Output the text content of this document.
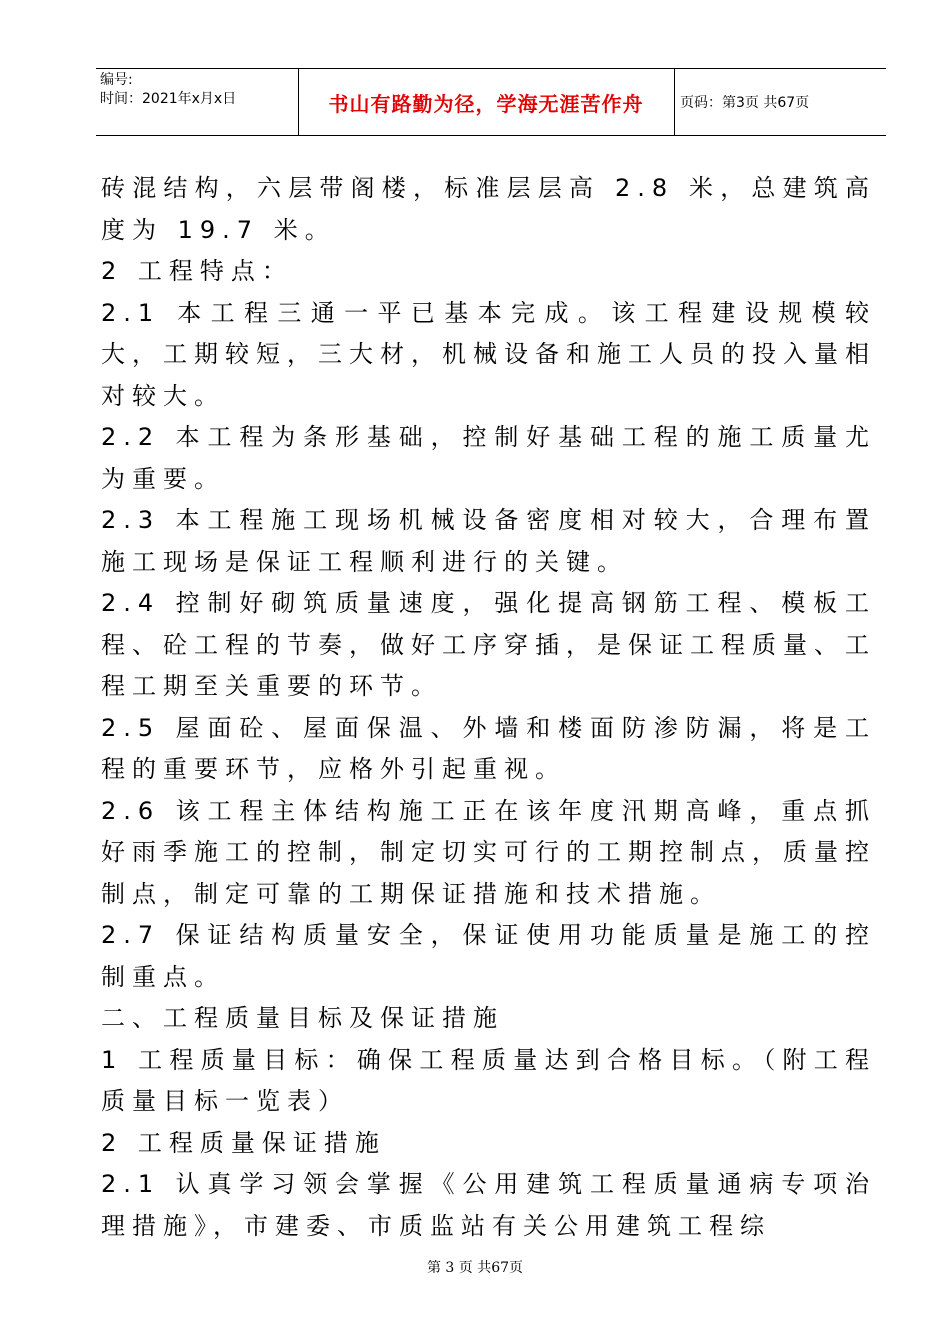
编号:
时间：2021年x月x日	书山有路勤为径，学海无涯苦作舟	页码：第3页 共67页

砖混结构，六层带阁楼，标准层层高 2.8 米，总建筑高度为 19.7 米。

2 工程特点：

2.1 本工程三通一平已基本完成。该工程建设规模较大，工期较短，三大材，机械设备和施工人员的投入量相对较大。

2.2 本工程为条形基础，控制好基础工程的施工质量尤为重要。

2.3 本工程施工现场机械设备密度相对较大，合理布置施工现场是保证工程顺利进行的关键。

2.4 控制好砌筑质量速度，强化提高钢筋工程、模板工程、砼工程的节奏，做好工序穿插，是保证工程质量、工程工期至关重要的环节。

2.5 屋面砼、屋面保温、外墙和楼面防渗防漏，将是工程的重要环节，应格外引起重视。

2.6 该工程主体结构施工正在该年度汛期高峰，重点抓好雨季施工的控制，制定切实可行的工期控制点，质量控制点，制定可靠的工期保证措施和技术措施。

2.7 保证结构质量安全，保证使用功能质量是施工的控制重点。

二、工程质量目标及保证措施

1 工程质量目标：确保工程质量达到合格目标。（附工程质量目标一览表）

2 工程质量保证措施

2.1 认真学习领会掌握《公用建筑工程质量通病专项治理措施》，市建委、市质监站有关公用建筑工程综

第 3 页 共67页
